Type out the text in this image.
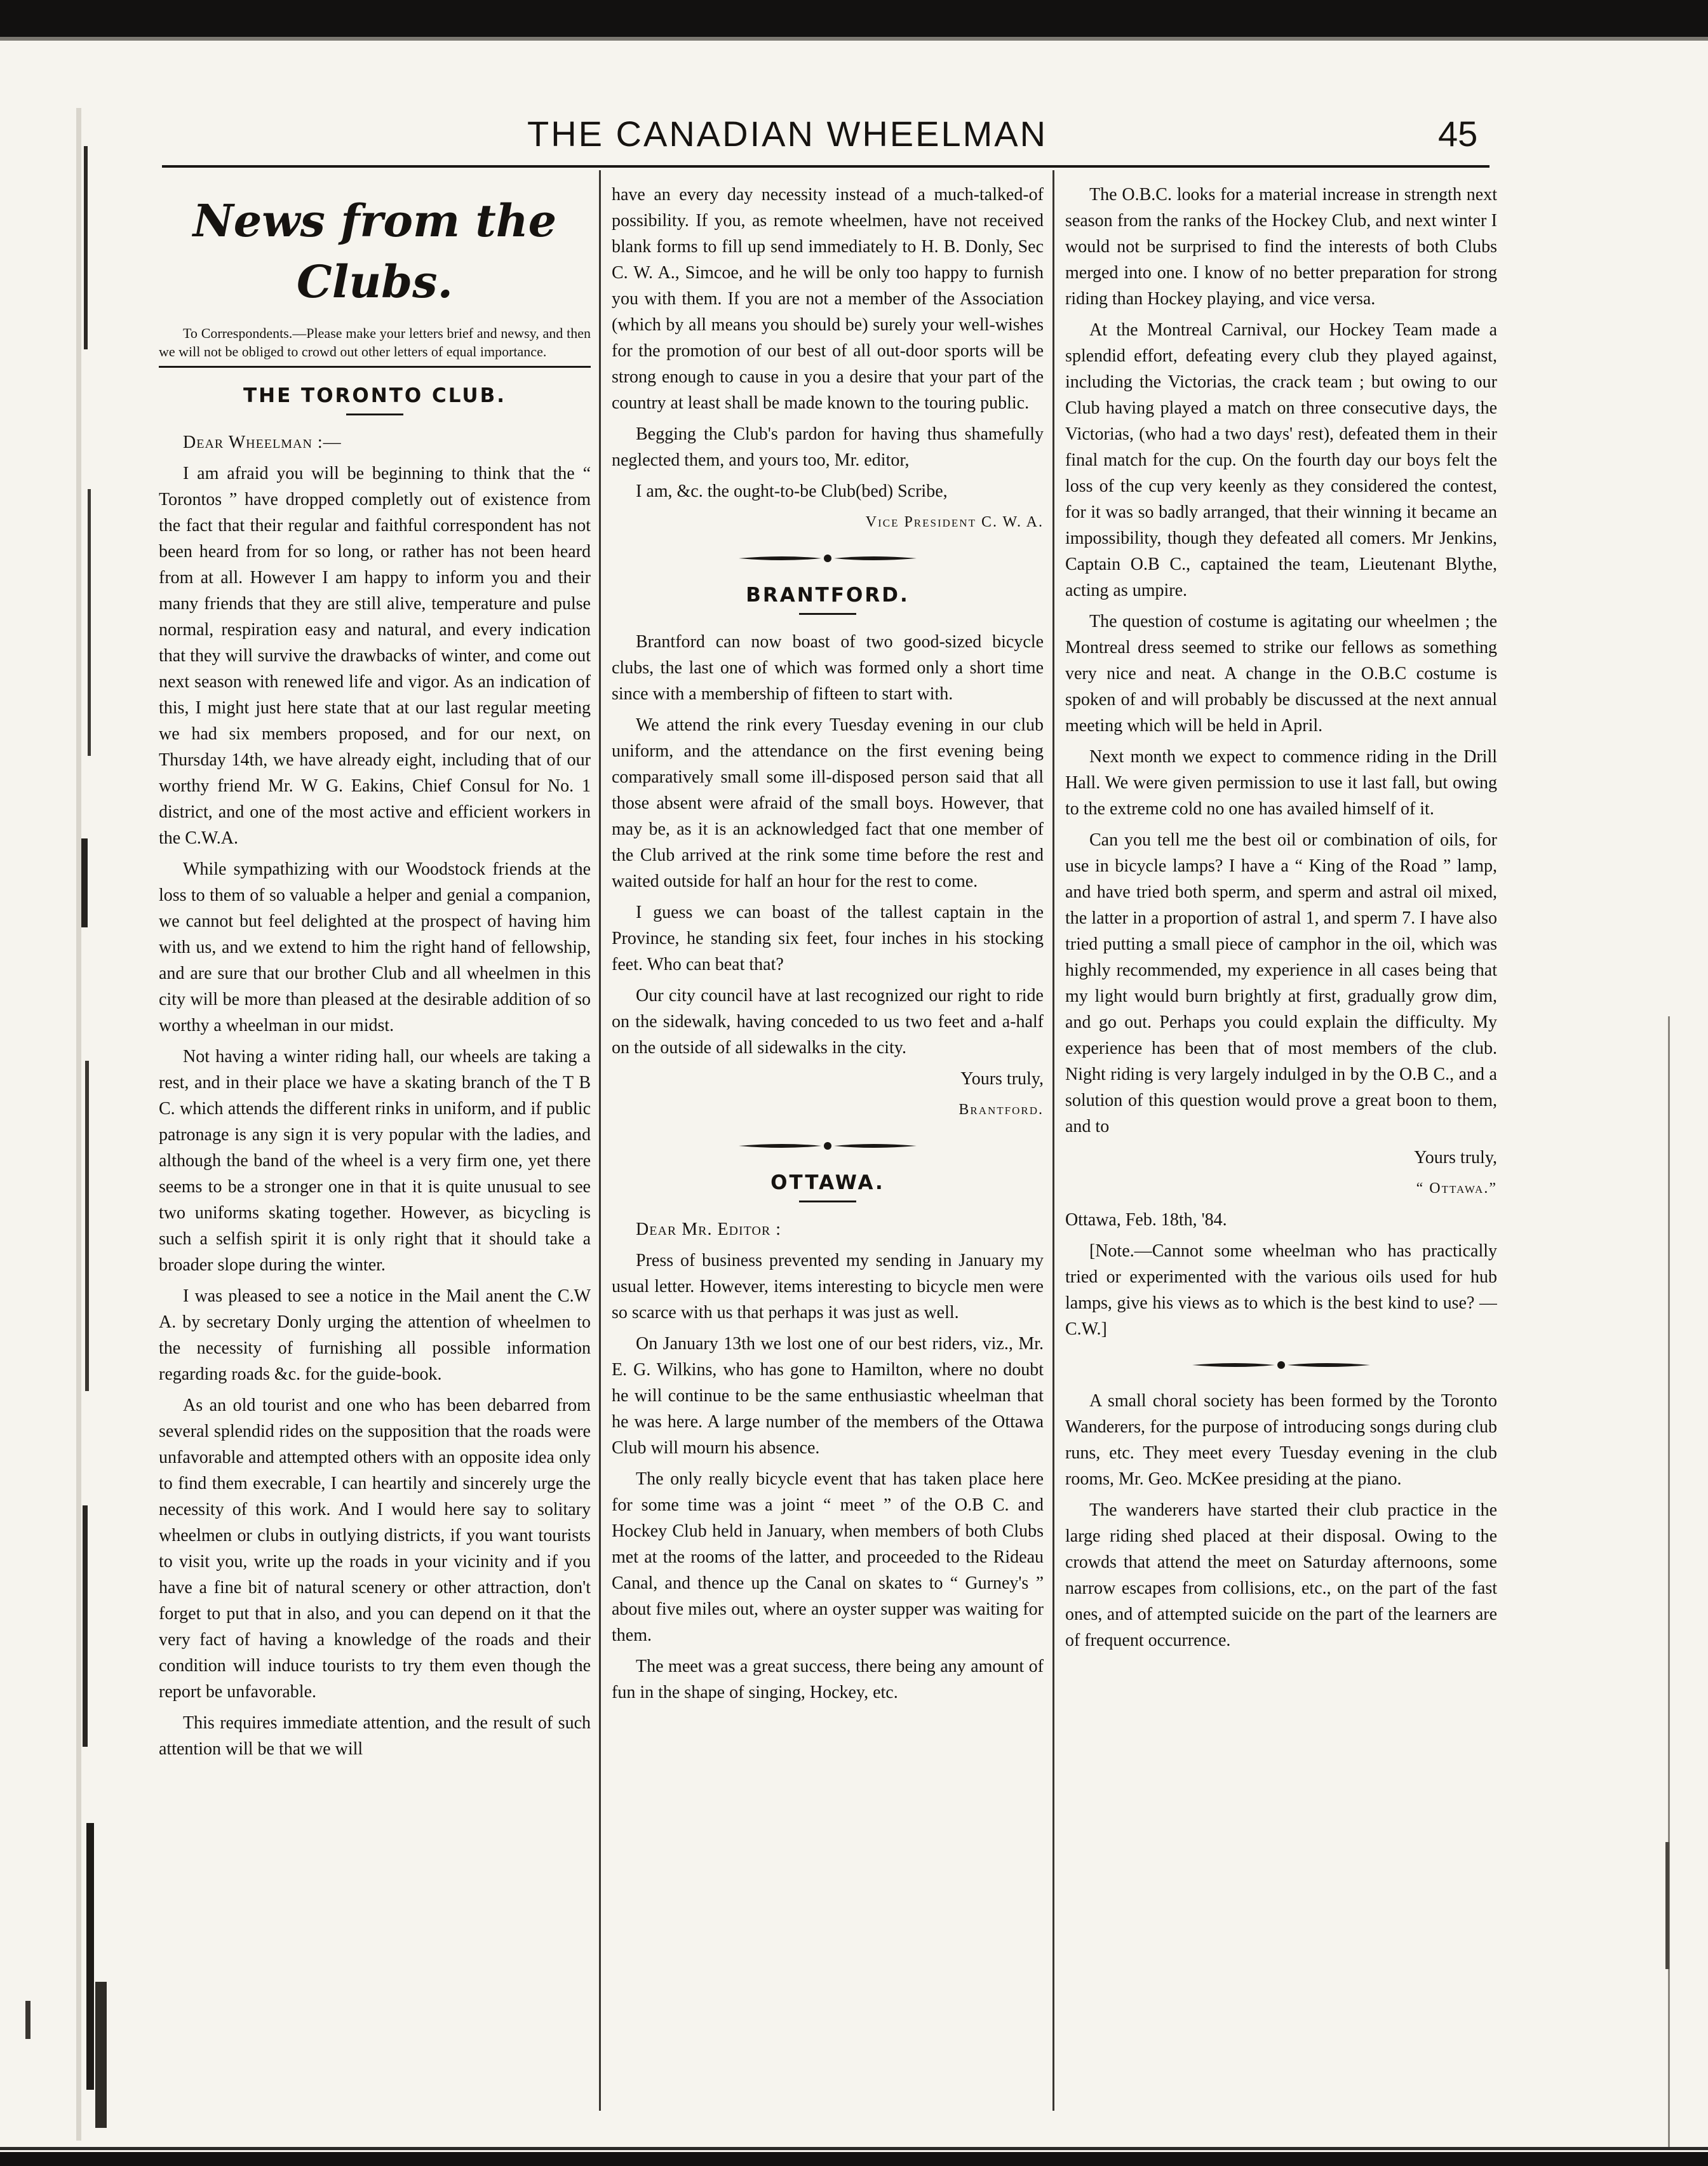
THE CANADIAN WHEELMAN	45
News from the Clubs.

To Correspondents.—Please make your letters brief and newsy, and then we will not be obliged to crowd out other letters of equal importance.

THE TORONTO CLUB.

Dear Wheelman :—

I am afraid you will be beginning to think that the “ Torontos ” have dropped completly out of existence from the fact that their regular and faithful correspondent has not been heard from for so long, or rather has not been heard from at all. However I am happy to inform you and their many friends that they are still alive, temperature and pulse normal, respiration easy and natural, and every indication that they will survive the drawbacks of winter, and come out next season with renewed life and vigor. As an indication of this, I might just here state that at our last regular meeting we had six members proposed, and for our next, on Thursday 14th, we have already eight, including that of our worthy friend Mr. W G. Eakins, Chief Consul for No. 1 district, and one of the most active and efficient workers in the C.W.A.

While sympathizing with our Woodstock friends at the loss to them of so valuable a helper and genial a companion, we cannot but feel delighted at the prospect of having him with us, and we extend to him the right hand of fellowship, and are sure that our brother Club and all wheelmen in this city will be more than pleased at the desirable addition of so worthy a wheelman in our midst.

Not having a winter riding hall, our wheels are taking a rest, and in their place we have a skating branch of the T B C. which attends the different rinks in uniform, and if public patronage is any sign it is very popular with the ladies, and although the band of the wheel is a very firm one, yet there seems to be a stronger one in that it is quite unusual to see two uniforms skating together. However, as bicycling is such a selfish spirit it is only right that it should take a broader slope during the winter.

I was pleased to see a notice in the Mail anent the C.W A. by secretary Donly urging the attention of wheelmen to the necessity of furnishing all possible information regarding roads &c. for the guide-book.

As an old tourist and one who has been debarred from several splendid rides on the supposition that the roads were unfavorable and attempted others with an opposite idea only to find them execrable, I can heartily and sincerely urge the necessity of this work. And I would here say to solitary wheelmen or clubs in outlying districts, if you want tourists to visit you, write up the roads in your vicinity and if you have a fine bit of natural scenery or other attraction, don't forget to put that in also, and you can depend on it that the very fact of having a knowledge of the roads and their condition will induce tourists to try them even though the report be unfavorable.

This requires immediate attention, and the result of such attention will be that we will

have an every day necessity instead of a much-talked-of possibility. If you, as remote wheelmen, have not received blank forms to fill up send immediately to H. B. Donly, Sec C. W. A., Simcoe, and he will be only too happy to furnish you with them. If you are not a member of the Association (which by all means you should be) surely your well-wishes for the promotion of our best of all out-door sports will be strong enough to cause in you a desire that your part of the country at least shall be made known to the touring public.

Begging the Club's pardon for having thus shamefully neglected them, and yours too, Mr. editor,

I am, &c. the ought-to-be Club(bed) Scribe,

Vice President C. W. A.

BRANTFORD.

Brantford can now boast of two good-sized bicycle clubs, the last one of which was formed only a short time since with a membership of fifteen to start with.

We attend the rink every Tuesday evening in our club uniform, and the attendance on the first evening being comparatively small some ill-disposed person said that all those absent were afraid of the small boys. However, that may be, as it is an acknowledged fact that one member of the Club arrived at the rink some time before the rest and waited outside for half an hour for the rest to come.

I guess we can boast of the tallest captain in the Province, he standing six feet, four inches in his stocking feet. Who can beat that?

Our city council have at last recognized our right to ride on the sidewalk, having conceded to us two feet and a-half on the outside of all sidewalks in the city.

Yours truly,

Brantford.

OTTAWA.

Dear Mr. Editor :

Press of business prevented my sending in January my usual letter. However, items interesting to bicycle men were so scarce with us that perhaps it was just as well.

On January 13th we lost one of our best riders, viz., Mr. E. G. Wilkins, who has gone to Hamilton, where no doubt he will continue to be the same enthusiastic wheelman that he was here. A large number of the members of the Ottawa Club will mourn his absence.

The only really bicycle event that has taken place here for some time was a joint “ meet ” of the O.B C. and Hockey Club held in January, when members of both Clubs met at the rooms of the latter, and proceeded to the Rideau Canal, and thence up the Canal on skates to “ Gurney's ” about five miles out, where an oyster supper was waiting for them.

The meet was a great success, there being any amount of fun in the shape of singing, Hockey, etc.

The O.B.C. looks for a material increase in strength next season from the ranks of the Hockey Club, and next winter I would not be surprised to find the interests of both Clubs merged into one. I know of no better preparation for strong riding than Hockey playing, and vice versa.

At the Montreal Carnival, our Hockey Team made a splendid effort, defeating every club they played against, including the Victorias, the crack team ; but owing to our Club having played a match on three consecutive days, the Victorias, (who had a two days' rest), defeated them in their final match for the cup. On the fourth day our boys felt the loss of the cup very keenly as they considered the contest, for it was so badly arranged, that their winning it became an impossibility, though they defeated all comers. Mr Jenkins, Captain O.B C., captained the team, Lieutenant Blythe, acting as umpire.

The question of costume is agitating our wheelmen ; the Montreal dress seemed to strike our fellows as something very nice and neat. A change in the O.B.C costume is spoken of and will probably be discussed at the next annual meeting which will be held in April.

Next month we expect to commence riding in the Drill Hall. We were given permission to use it last fall, but owing to the extreme cold no one has availed himself of it.

Can you tell me the best oil or combination of oils, for use in bicycle lamps? I have a “ King of the Road ” lamp, and have tried both sperm, and sperm and astral oil mixed, the latter in a proportion of astral 1, and sperm 7. I have also tried putting a small piece of camphor in the oil, which was highly recommended, my experience in all cases being that my light would burn brightly at first, gradually grow dim, and go out. Perhaps you could explain the difficulty. My experience has been that of most members of the club. Night riding is very largely indulged in by the O.B C., and a solution of this question would prove a great boon to them, and to

Yours truly,

“ Ottawa.”

Ottawa, Feb. 18th, '84.

[Note.—Cannot some wheelman who has practically tried or experimented with the various oils used for hub lamps, give his views as to which is the best kind to use? —C.W.]

A small choral society has been formed by the Toronto Wanderers, for the purpose of introducing songs during club runs, etc. They meet every Tuesday evening in the club rooms, Mr. Geo. McKee presiding at the piano.

The wanderers have started their club practice in the large riding shed placed at their disposal. Owing to the crowds that attend the meet on Saturday afternoons, some narrow escapes from collisions, etc., on the part of the fast ones, and of attempted suicide on the part of the learners are of frequent occurrence.
